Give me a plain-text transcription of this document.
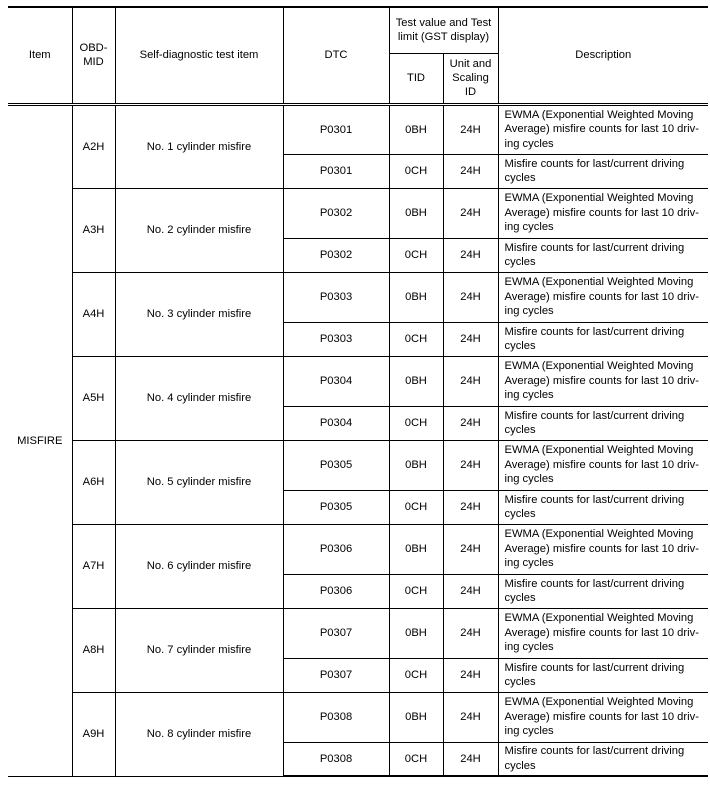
Item	OBD-MID	Self-diagnostic test item	DTC	Test value and Test limit (GST display)		Description
				TID	Unit and Scaling ID	
MISFIRE	A2H	No. 1 cylinder misfire	P0301	0BH	24H	EWMA (Exponential Weighted Moving Average) misfire counts for last 10 driv-ing cycles
			P0301	0CH	24H	Misfire counts for last/current driving cycles
	A3H	No. 2 cylinder misfire	P0302	0BH	24H	EWMA (Exponential Weighted Moving Average) misfire counts for last 10 driv-ing cycles
			P0302	0CH	24H	Misfire counts for last/current driving cycles
	A4H	No. 3 cylinder misfire	P0303	0BH	24H	EWMA (Exponential Weighted Moving Average) misfire counts for last 10 driv-ing cycles
			P0303	0CH	24H	Misfire counts for last/current driving cycles
	A5H	No. 4 cylinder misfire	P0304	0BH	24H	EWMA (Exponential Weighted Moving Average) misfire counts for last 10 driv-ing cycles
			P0304	0CH	24H	Misfire counts for last/current driving cycles
	A6H	No. 5 cylinder misfire	P0305	0BH	24H	EWMA (Exponential Weighted Moving Average) misfire counts for last 10 driv-ing cycles
			P0305	0CH	24H	Misfire counts for last/current driving cycles
	A7H	No. 6 cylinder misfire	P0306	0BH	24H	EWMA (Exponential Weighted Moving Average) misfire counts for last 10 driv-ing cycles
			P0306	0CH	24H	Misfire counts for last/current driving cycles
	A8H	No. 7 cylinder misfire	P0307	0BH	24H	EWMA (Exponential Weighted Moving Average) misfire counts for last 10 driv-ing cycles
			P0307	0CH	24H	Misfire counts for last/current driving cycles
	A9H	No. 8 cylinder misfire	P0308	0BH	24H	EWMA (Exponential Weighted Moving Average) misfire counts for last 10 driv-ing cycles
			P0308	0CH	24H	Misfire counts for last/current driving cycles
